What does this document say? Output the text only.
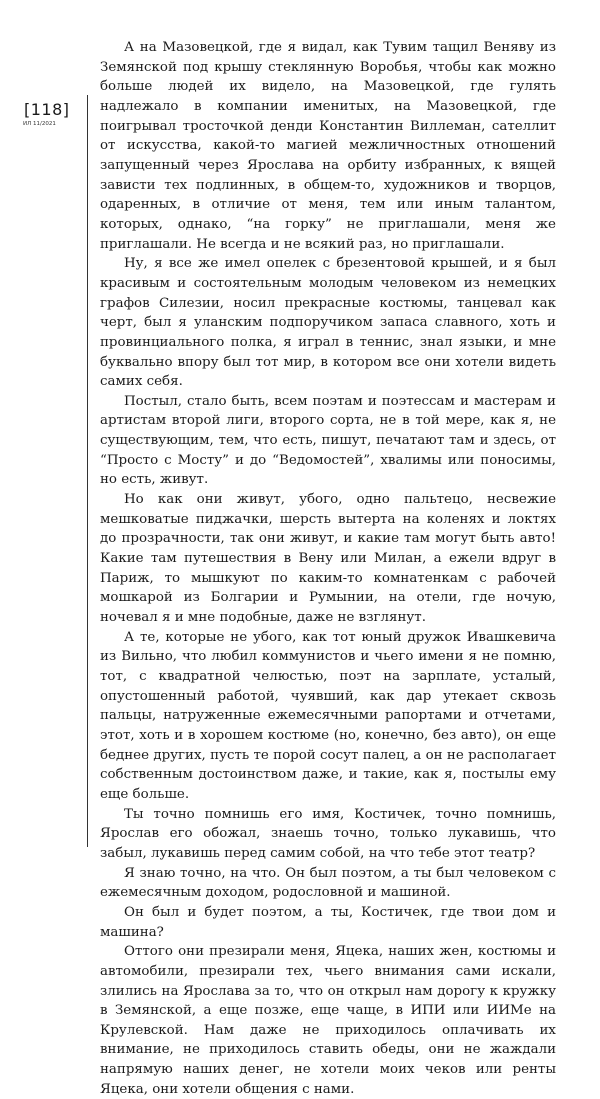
[118]
ИЛ 11/2021

А на Мазовецкой, где я видал, как Тувим тащил Веняву из Земянской под крышу стеклянную Воробья, чтобы как можно больше людей их видело, на Мазовецкой, где гулять надлежало в компании именитых, на Мазовецкой, где поигрывал тросточкой денди Константин Виллеман, сателлит от искусства, какой-то магией межличностных отношений запущенный через Ярослава на орбиту избранных, к вящей зависти тех подлинных, в общем-то, художников и творцов, одаренных, в отличие от меня, тем или иным талантом, которых, однако, “на горку” не приглашали, меня же приглашали. Не всегда и не всякий раз, но приглашали.

Ну, я все же имел опелек с брезентовой крышей, и я был красивым и состоятельным молодым человеком из немецких графов Силезии, носил прекрасные костюмы, танцевал как черт, был я уланским подпоручиком запаса славного, хоть и провинциального полка, я играл в теннис, знал языки, и мне буквально впору был тот мир, в котором все они хотели видеть самих себя.

Постыл, стало быть, всем поэтам и поэтессам и мастерам и артистам второй лиги, второго сорта, не в той мере, как я, не существующим, тем, что есть, пишут, печатают там и здесь, от “Просто с Мосту” и до “Ведомостей”, хвалимы или поносимы, но есть, живут.

Но как они живут, убого, одно пальтецо, несвежие мешковатые пиджачки, шерсть вытерта на коленях и локтях до прозрачности, так они живут, и какие там могут быть авто! Какие там путешествия в Вену или Милан, а ежели вдруг в Париж, то мышкуют по каким-то комнатенкам с рабочей мошкарой из Болгарии и Румынии, на отели, где ночую, ночевал я и мне подобные, даже не взглянут.

А те, которые не убого, как тот юный дружок Ивашкевича из Вильно, что любил коммунистов и чьего имени я не помню, тот, с квадратной челюстью, поэт на зарплате, усталый, опустошенный работой, чуявший, как дар утекает сквозь пальцы, натруженные ежемесячными рапортами и отчетами, этот, хоть и в хорошем костюме (но, конечно, без авто), он еще беднее других, пусть те порой сосут палец, а он не располагает собственным достоинством даже, и такие, как я, постылы ему еще больше.

Ты точно помнишь его имя, Костичек, точно помнишь, Ярослав его обожал, знаешь точно, только лукавишь, что забыл, лукавишь перед самим собой, на что тебе этот театр?

Я знаю точно, на что. Он был поэтом, а ты был человеком с ежемесячным доходом, родословной и машиной.

Он был и будет поэтом, а ты, Костичек, где твои дом и машина?

Оттого они презирали меня, Яцека, наших жен, костюмы и автомобили, презирали тех, чьего внимания сами искали, злились на Ярослава за то, что он открыл нам дорогу к кружку в Земянской, а еще позже, еще чаще, в ИПИ или ИИМе на Крулевской. Нам даже не приходилось оплачивать их внимание, не приходилось ставить обеды, они не жаждали напрямую наших денег, не хотели моих чеков или ренты Яцека, они хотели общения с нами.
